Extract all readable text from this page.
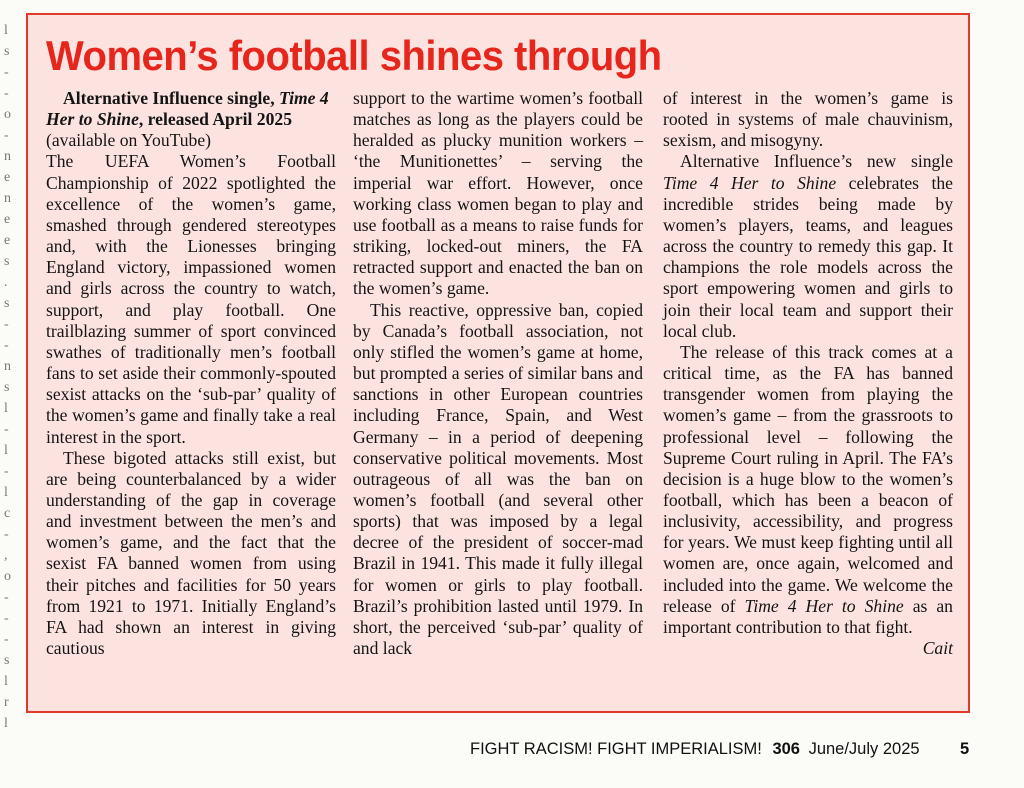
l
s
-
-
o
-
n
e
n
e
e
s
.
s
-
-
n
s
l
-
l
-
l
c
-
,
o
-
-
-
s
l
r
l
Women’s football shines through

Alternative Influence single, Time 4 Her to Shine, released April 2025

(available on YouTube)

The UEFA Women’s Football Championship of 2022 spotlighted the excellence of the women’s game, smashed through gendered stereotypes and, with the Lionesses bringing England victory, impassioned women and girls across the country to watch, support, and play football. One trailblazing summer of sport convinced swathes of traditionally men’s football fans to set aside their commonly-spouted sexist attacks on the ‘sub-par’ quality of the women’s game and finally take a real interest in the sport.

These bigoted attacks still exist, but are being counterbalanced by a wider understanding of the gap in coverage and investment between the men’s and women’s game, and the fact that the sexist FA banned women from using their pitches and facilities for 50 years from 1921 to 1971. Initially England’s FA had shown an interest in giving cautious

support to the wartime women’s football matches as long as the players could be heralded as plucky munition workers – ‘the Munitionettes’ – serving the imperial war effort. However, once working class women began to play and use football as a means to raise funds for striking, locked-out miners, the FA retracted support and enacted the ban on the women’s game.

This reactive, oppressive ban, copied by Canada’s football association, not only stifled the women’s game at home, but prompted a series of similar bans and sanctions in other European countries including France, Spain, and West Germany – in a period of deepening conservative political movements. Most outrageous of all was the ban on women’s football (and several other sports) that was imposed by a legal decree of the president of soccer-mad Brazil in 1941. This made it fully illegal for women or girls to play football. Brazil’s prohibition lasted until 1979. In short, the perceived ‘sub-par’ quality of and lack

of interest in the women’s game is rooted in systems of male chauvinism, sexism, and misogyny.

Alternative Influence’s new single Time 4 Her to Shine celebrates the incredible strides being made by women’s players, teams, and leagues across the country to remedy this gap. It champions the role models across the sport empowering women and girls to join their local team and support their local club.

The release of this track comes at a critical time, as the FA has banned transgender women from playing the women’s game – from the grassroots to professional level – following the Supreme Court ruling in April. The FA’s decision is a huge blow to the women’s football, which has been a beacon of inclusivity, accessibility, and progress for years. We must keep fighting until all women are, once again, welcomed and included into the game. We welcome the release of Time 4 Her to Shine as an important contribution to that fight.

Cait

FIGHT RACISM! FIGHT IMPERIALISM! 306 June/July 2025 5
